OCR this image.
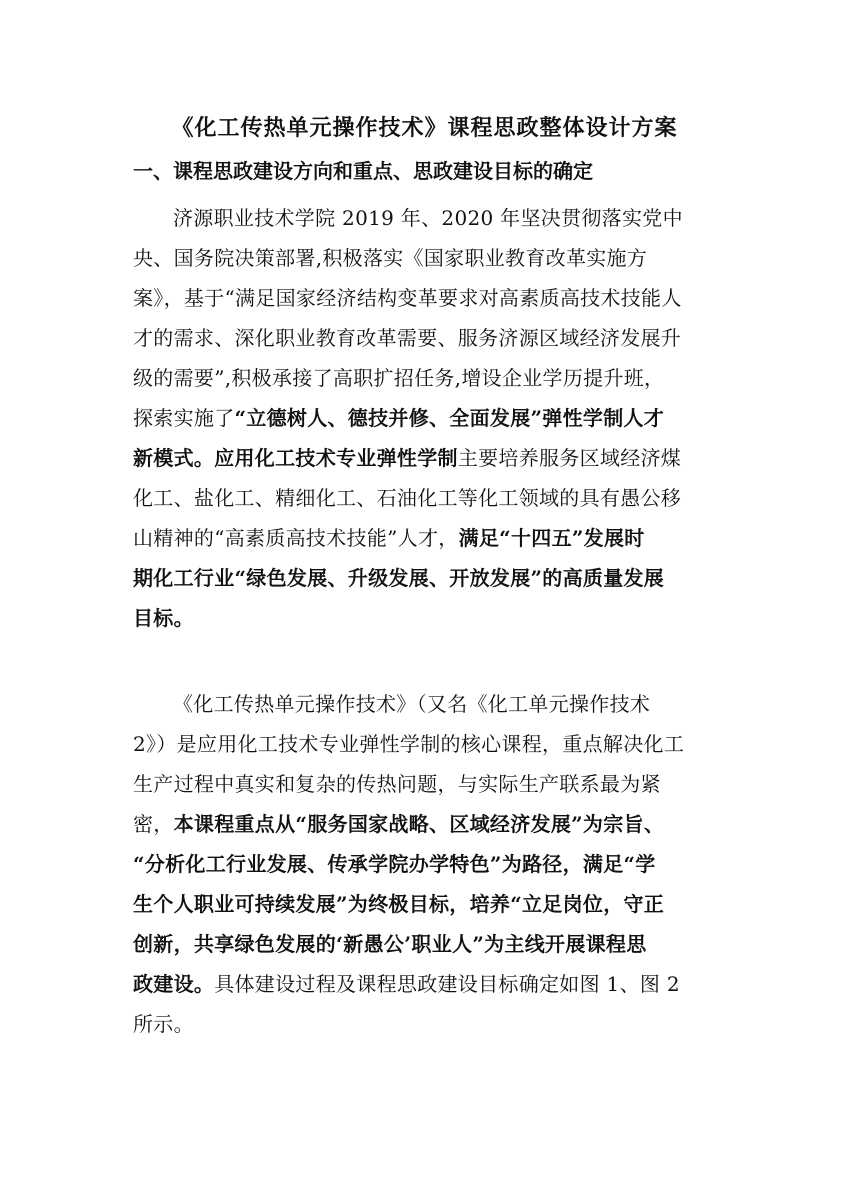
《化工传热单元操作技术》课程思政整体设计方案
一、课程思政建设方向和重点、思政建设目标的确定
济源职业技术学院 2019 年、2020 年坚决贯彻落实党中
央、国务院决策部署,积极落实《国家职业教育改革实施方
案》，基于“满足国家经济结构变革要求对高素质高技术技能人
才的需求、深化职业教育改革需要、服务济源区域经济发展升
级的需要”,积极承接了高职扩招任务,增设企业学历提升班，
探索实施了“立德树人、德技并修、全面发展”弹性学制人才
新模式。应用化工技术专业弹性学制主要培养服务区域经济煤
化工、盐化工、精细化工、石油化工等化工领域的具有愚公移
山精神的“高素质高技术技能”人才，满足“十四五”发展时
期化工行业“绿色发展、升级发展、开放发展”的高质量发展
目标。
《化工传热单元操作技术》（又名《化工单元操作技术
2》）是应用化工技术专业弹性学制的核心课程，重点解决化工
生产过程中真实和复杂的传热问题，与实际生产联系最为紧
密，本课程重点从“服务国家战略、区域经济发展”为宗旨、
“分析化工行业发展、传承学院办学特色”为路径，满足“学
生个人职业可持续发展”为终极目标，培养“立足岗位，守正
创新，共享绿色发展的‘新愚公’职业人”为主线开展课程思
政建设。具体建设过程及课程思政建设目标确定如图 1、图 2
所示。
